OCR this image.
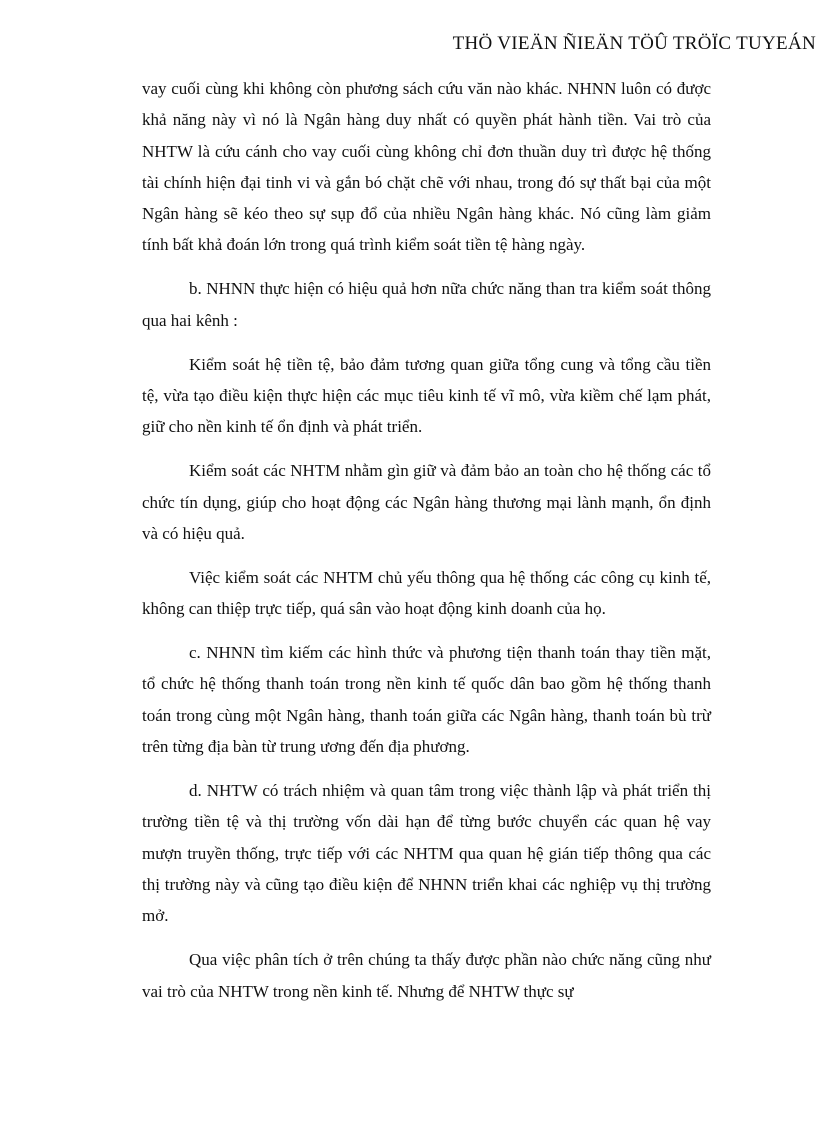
THÖ VIEÄN ÑIEÄN TÖÛ TRÖÏC TUYEÁN

vay cuối cùng khi không còn phương sách cứu văn nào khác. NHNN luôn có được khả năng này vì nó là Ngân hàng duy nhất có quyền phát hành tiền. Vai trò của NHTW là cứu cánh cho vay cuối cùng không chỉ đơn thuần duy trì được hệ thống tài chính hiện đại tinh vi và gắn bó chặt chẽ với nhau, trong đó sự thất bại của một Ngân hàng sẽ kéo theo sự sụp đổ của nhiều Ngân hàng khác. Nó cũng làm giảm tính bất khả đoán lớn trong quá trình kiểm soát tiền tệ hàng ngày.

b. NHNN thực hiện có hiệu quả hơn nữa chức năng than tra kiểm soát thông qua hai kênh :

Kiểm soát hệ tiền tệ, bảo đảm tương quan giữa tổng cung và tổng cầu tiền tệ, vừa tạo điều kiện thực hiện các mục tiêu kinh tế vĩ mô, vừa kiềm chế lạm phát, giữ cho nền kinh tế ổn định và phát triển.

Kiểm soát các NHTM nhằm gìn giữ và đảm bảo an toàn cho hệ thống các tổ chức tín dụng, giúp cho hoạt động các Ngân hàng thương mại lành mạnh, ổn định và có hiệu quả.

Việc kiểm soát các NHTM chủ yếu thông qua hệ thống các công cụ kinh tế, không can thiệp trực tiếp, quá sân vào hoạt động kinh doanh của họ.

c. NHNN tìm kiếm các hình thức và phương tiện thanh toán thay tiền mặt, tổ chức hệ thống thanh toán trong nền kinh tế quốc dân bao gồm hệ thống thanh toán trong cùng một Ngân hàng, thanh toán giữa các Ngân hàng, thanh toán bù trừ trên từng địa bàn từ trung ương đến địa phương.

d. NHTW có trách nhiệm và quan tâm trong việc thành lập và phát triển thị trường tiền tệ và thị trường vốn dài hạn để từng bước chuyển các quan hệ vay mượn truyền thống, trực tiếp với các NHTM qua quan hệ gián tiếp thông qua các thị trường này và cũng tạo điều kiện để NHNN triển khai các nghiệp vụ thị trường mở.

Qua việc phân tích ở trên chúng ta thấy được phần nào chức năng cũng như vai trò của NHTW trong nền kinh tế. Nhưng để NHTW thực sự
